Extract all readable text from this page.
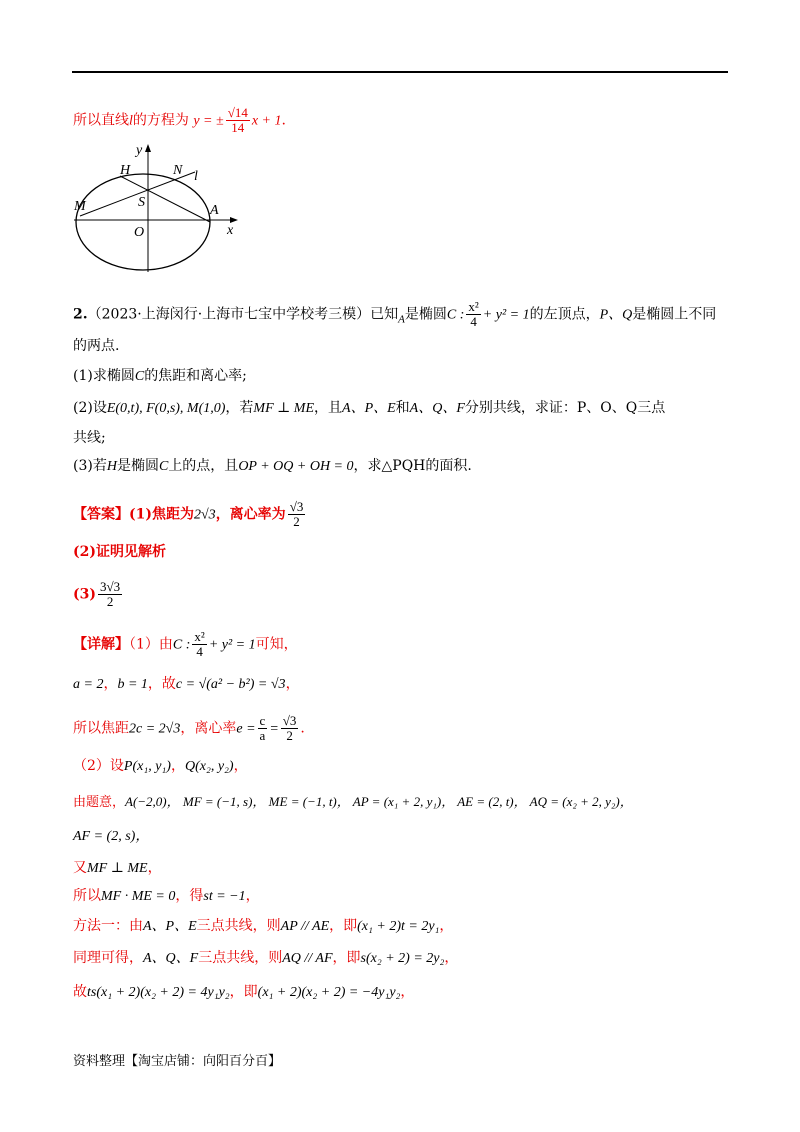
所以直线l的方程为 y = ± $\frac{√14}{14}$ x + 1.
y
H	N l
S
M	A
O	x
2.（2023·上海闵行·上海市七宝中学校考三模）已知$_A$是椭圆C : $\frac{\text{x²}}{4} + y^2 = 1$的左顶点，P、Q是椭圆上不同
的两点.
(1)求椭圆C的焦距和离心率;
(2)设E(0,t), F(0,s), M(1,0)，若MF ⊥ ME，且A、P、E和A、Q、F分别共线，求证：P、O、Q三点
共线;
(3)若H是椭圆C上的点，且OP + OQ + OH = 0，求△PQH的面积.
【答案】(1)焦距为2√3，离心率为 $\frac{√3}{2}$
(2)证明见解析
$(3) \frac{3√3}{2}$
【详解】（1）由C : $\frac{\text{x²}}{4} + y^2 = 1$可知，
a = 2，b = 1，故c = √(a² − b²) = √3，
所以焦距2c = 2√3，离心率$e = \frac{c}{a} = \frac{√3}{2}$ .
（2）设P(x₁, y₁)，Q(x₂, y₂)，
由题意，A(−2,0)， MF = (−1, s)， ME = (−1, t)， AP = (x₁ + 2, y₁)， AE = (2, t)， AQ = (x₂ + 2, y₂)，
AF = (2, s)，
又MF ⊥ ME，
所以MF · ME = 0，得st = −1，
方法一：由A、P、E三点共线，则AP // AE，即(x₁ + 2)t = 2y₁，
同理可得，A、Q、F三点共线，则AQ // AF，即s(x₂ + 2) = 2y₂，
故ts(x₁ + 2)(x₂ + 2) = 4y₁y₂，即(x₁ + 2)(x₂ + 2) = −4y₁y₂，
资料整理【淘宝店铺：向阳百分百】
